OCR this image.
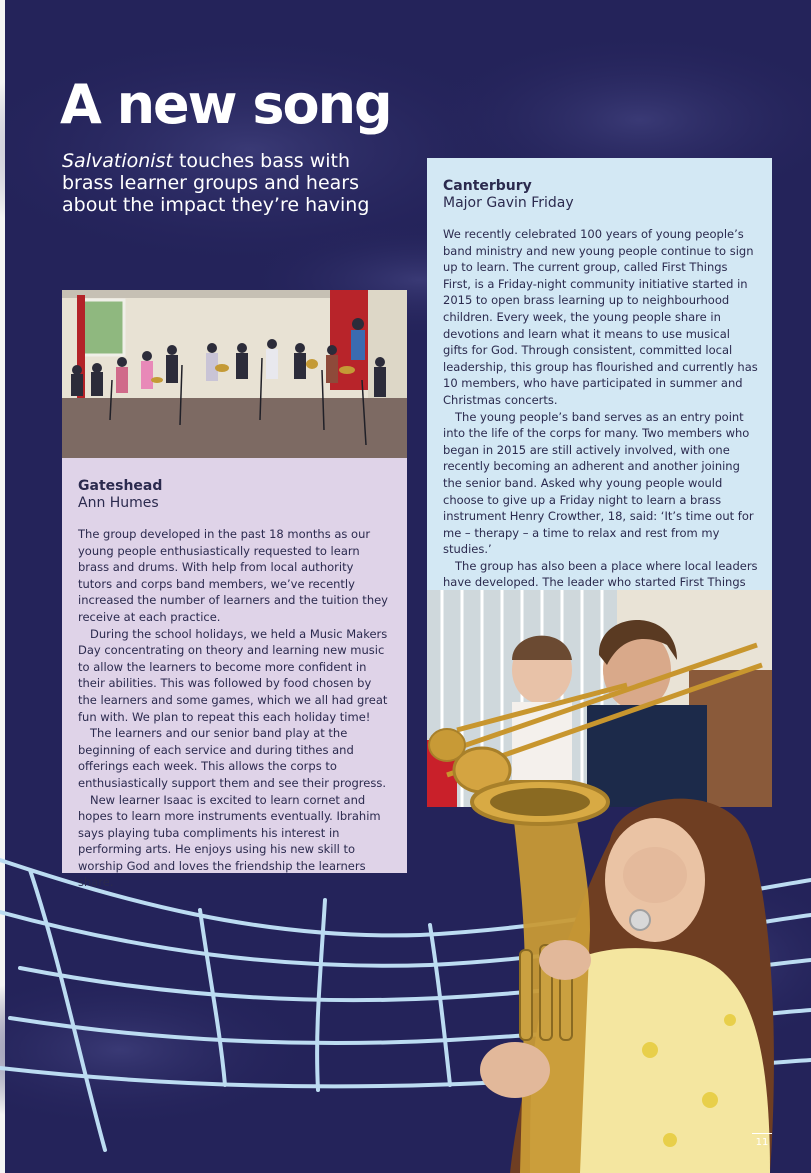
A new song

Salvationist touches bass with brass learner groups and hears about the impact they’re having

Gateshead
Ann Humes

The group developed in the past 18 months as our young people enthusiastically requested to learn brass and drums. With help from local authority tutors and corps band members, we’ve recently increased the number of learners and the tuition they receive at each practice.

During the school holidays, we held a Music Makers Day concentrating on theory and learning new music to allow the learners to become more confident in their abilities. This was followed by food chosen by the learners and some games, which we all had great fun with. We plan to repeat this each holiday time!

The learners and our senior band play at the beginning of each service and during tithes and offerings each week. This allows the corps to enthusiastically support them and see their progress.

New learner Isaac is excited to learn cornet and hopes to learn more instruments eventually. Ibrahim says playing tuba compliments his interest in performing arts. He enjoys using his new skill to worship God and loves the friendship the learners share.

Canterbury
Major Gavin Friday

We recently celebrated 100 years of young people’s band ministry and new young people continue to sign up to learn. The current group, called First Things First, is a Friday-night community initiative started in 2015 to open brass learning up to neighbourhood children. Every week, the young people share in devotions and learn what it means to use musical gifts for God. Through consistent, committed local leadership, this group has flourished and currently has 10 members, who have participated in summer and Christmas concerts.

The young people’s band serves as an entry point into the life of the corps for many. Two members who began in 2015 are still actively involved, with one recently becoming an adherent and another joining the senior band. Asked why young people would choose to give up a Friday night to learn a brass instrument Henry Crowther, 18, said: ‘It’s time out for me – therapy – a time to relax and rest from my studies.’

The group has also been a place where local leaders have developed. The leader who started First Things

11
